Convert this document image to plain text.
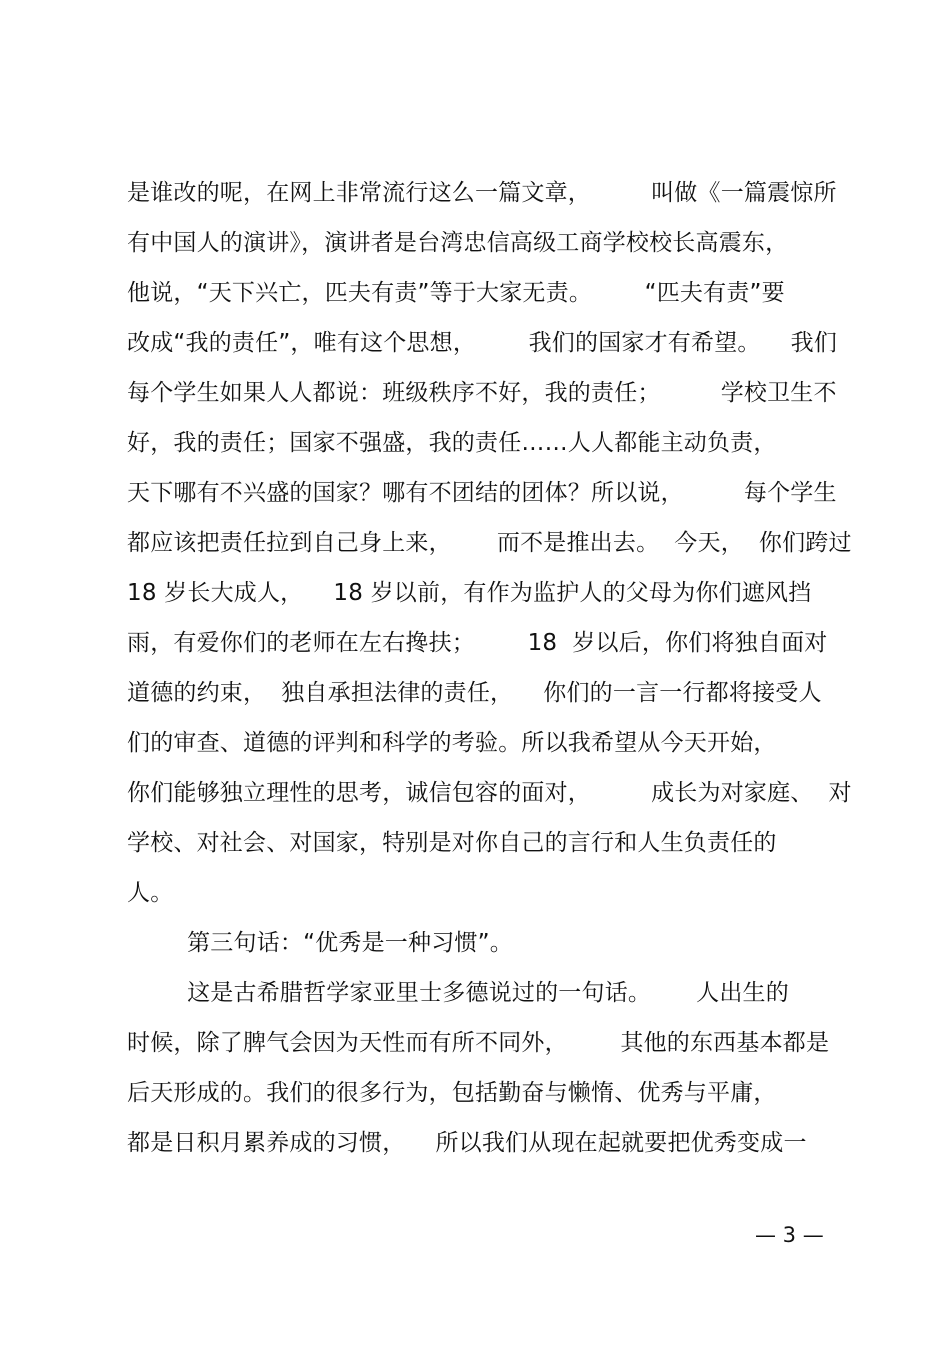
是谁改的呢，在网上非常流行这么一篇文章，        叫做《一篇震惊所
有中国人的演讲》，演讲者是台湾忠信高级工商学校校长高震东，
他说，“天下兴亡，匹夫有责”等于大家无责。       “匹夫有责”要
改成“我的责任”，唯有这个思想，       我们的国家才有希望。    我们
每个学生如果人人都说：班级秩序不好，我的责任；        学校卫生不
好，我的责任；国家不强盛，我的责任……人人都能主动负责，
天下哪有不兴盛的国家？哪有不团结的团体？所以说，        每个学生
都应该把责任拉到自己身上来，      而不是推出去。  今天，  你们跨过
18 岁长大成人，    18 岁以前，有作为监护人的父母为你们遮风挡
雨，有爱你们的老师在左右搀扶；       18  岁以后，你们将独自面对
道德的约束，  独自承担法律的责任，    你们的一言一行都将接受人
们的审查、道德的评判和科学的考验。所以我希望从今天开始，
你们能够独立理性的思考，诚信包容的面对，        成长为对家庭、  对
学校、对社会、对国家，特别是对你自己的言行和人生负责任的
人。
第三句话：“优秀是一种习惯”。
这是古希腊哲学家亚里士多德说过的一句话。      人出生的
时候，除了脾气会因为天性而有所不同外，       其他的东西基本都是
后天形成的。我们的很多行为，包括勤奋与懒惰、优秀与平庸，
都是日积月累养成的习惯，    所以我们从现在起就要把优秀变成一
— 3 —
